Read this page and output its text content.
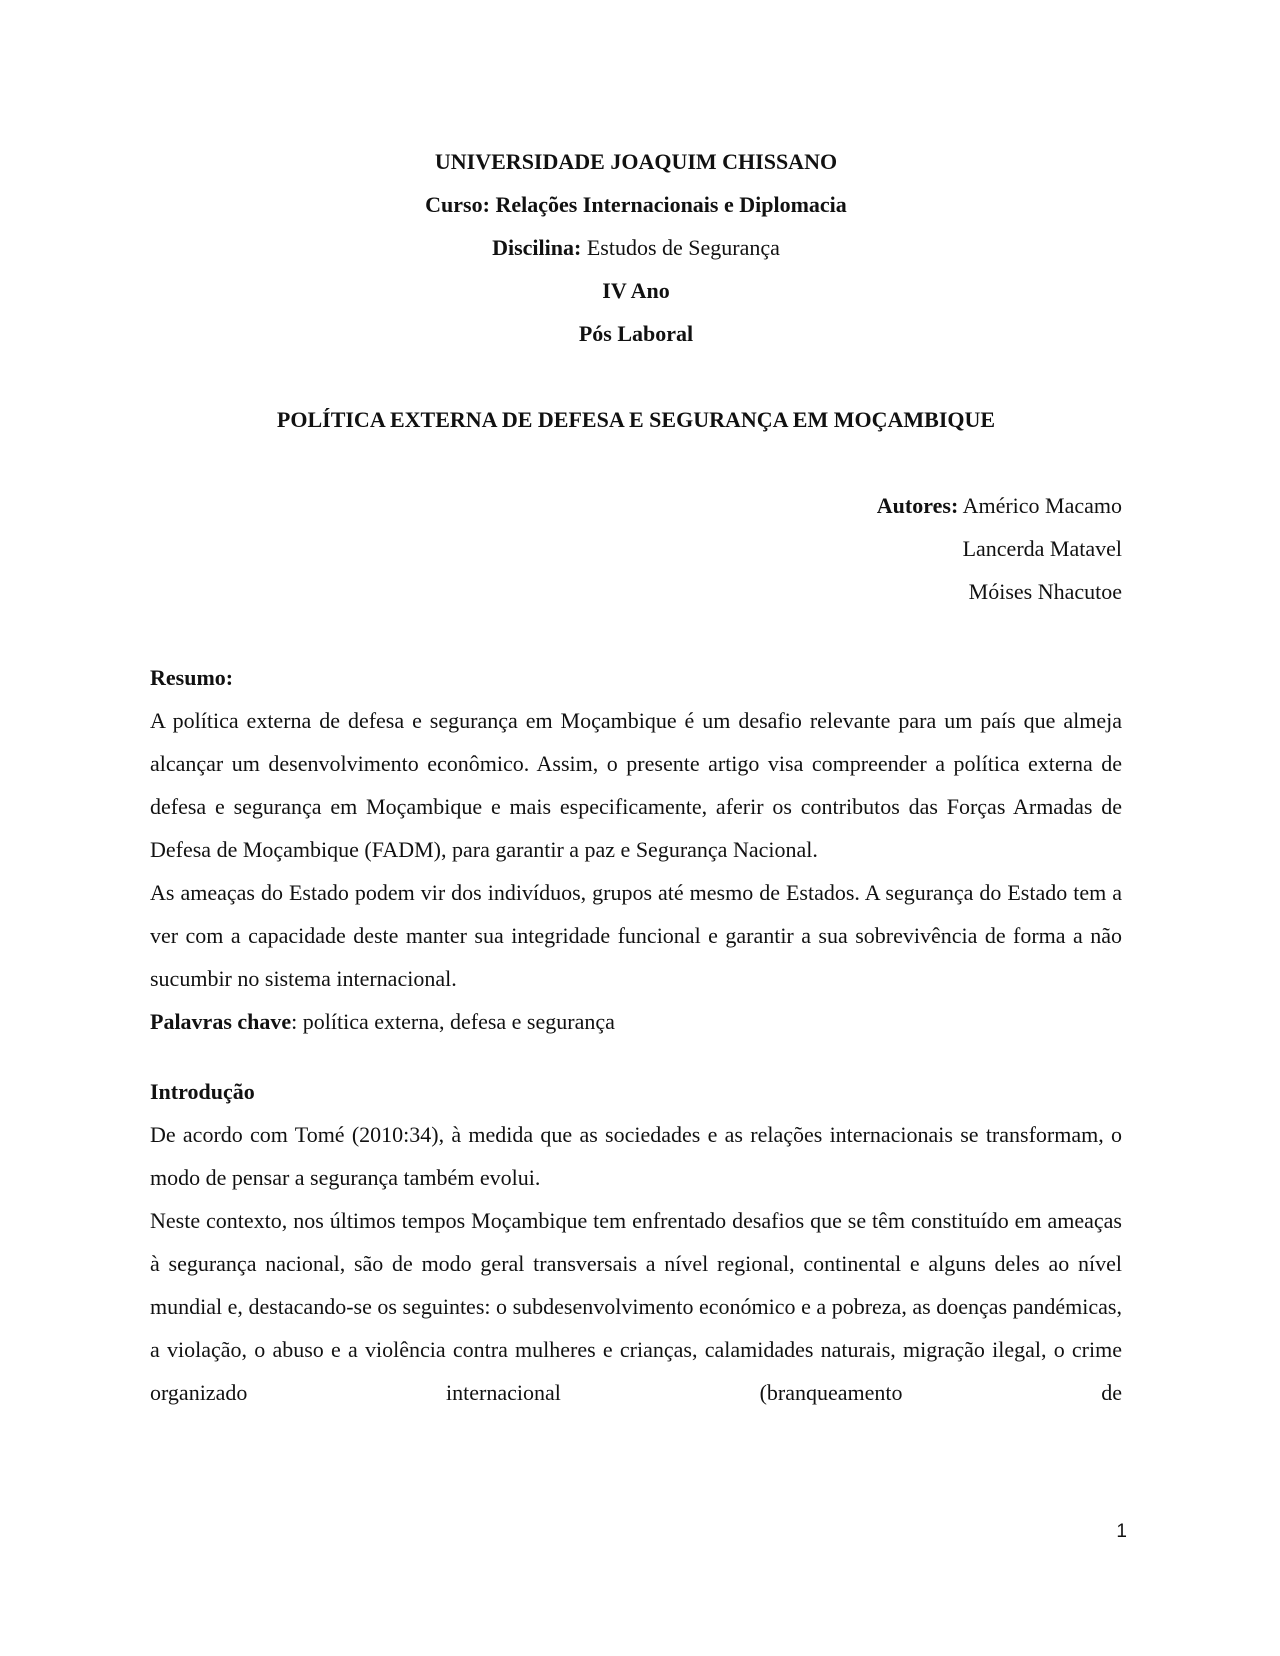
UNIVERSIDADE JOAQUIM CHISSANO
Curso: Relações Internacionais e Diplomacia
Discilina: Estudos de Segurança
IV Ano
Pós Laboral
POLÍTICA EXTERNA DE DEFESA E SEGURANÇA EM MOÇAMBIQUE
Autores: Américo Macamo
Lancerda Matavel
Móises Nhacutoe
Resumo:
A política externa de defesa e segurança em Moçambique é um desafio relevante para um país que almeja alcançar um desenvolvimento econômico. Assim, o presente artigo visa compreender a política externa de defesa e segurança em Moçambique e mais especificamente, aferir os contributos das Forças Armadas de Defesa de Moçambique (FADM), para garantir a paz e Segurança Nacional.
As ameaças do Estado podem vir dos indivíduos, grupos até mesmo de Estados. A segurança do Estado tem a ver com a capacidade deste manter sua integridade funcional e garantir a sua sobrevivência de forma a não sucumbir no sistema internacional.
Palavras chave: política externa, defesa e segurança
Introdução
De acordo com Tomé (2010:34), à medida que as sociedades e as relações internacionais se transformam, o modo de pensar a segurança também evolui.
Neste contexto, nos últimos tempos Moçambique tem enfrentado desafios que se têm constituído em ameaças à segurança nacional, são de modo geral transversais a nível regional, continental e alguns deles ao nível mundial e, destacando-se os seguintes: o subdesenvolvimento económico e a pobreza, as doenças pandémicas, a violação, o abuso e a violência contra mulheres e crianças, calamidades naturais, migração ilegal, o crime organizado internacional (branqueamento de
1
